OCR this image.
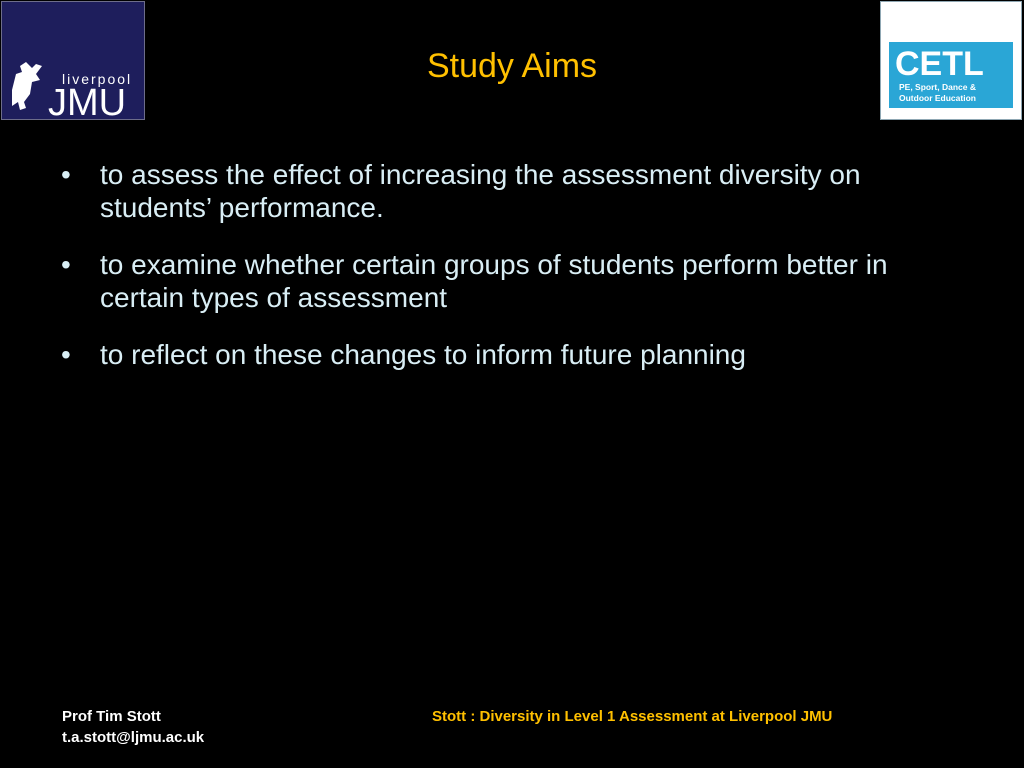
liverpool
JMU
CETL
PE, Sport, Dance &
Outdoor Education
Study Aims
• to assess the effect of increasing the assessment diversity on students’ performance.
• to examine whether certain groups of students perform better in certain types of assessment
• to reflect on these changes to inform future planning
Prof Tim Stott
t.a.stott@ljmu.ac.uk
Stott : Diversity in Level 1 Assessment at Liverpool JMU
